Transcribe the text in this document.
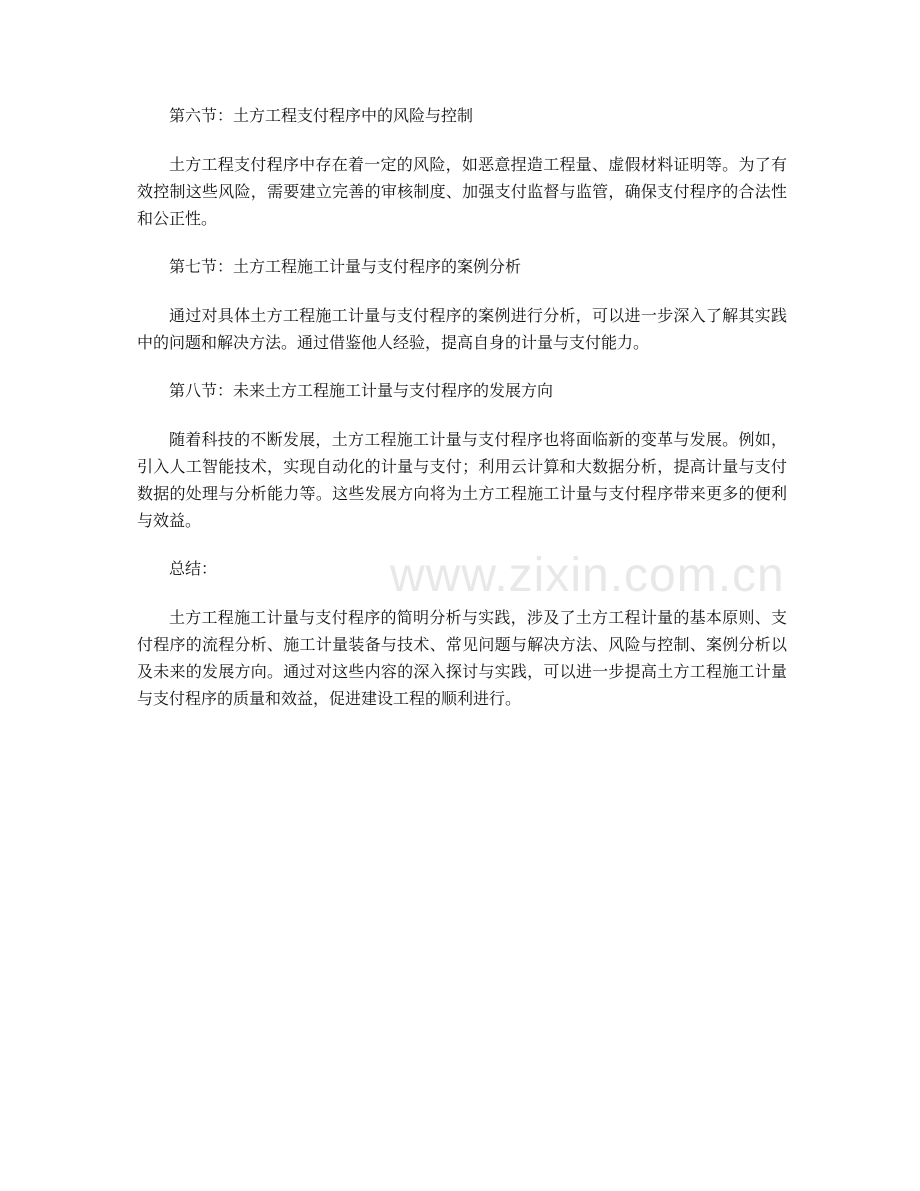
第六节：土方工程支付程序中的风险与控制

土方工程支付程序中存在着一定的风险，如恶意捏造工程量、虚假材料证明等。为了有效控制这些风险，需要建立完善的审核制度、加强支付监督与监管，确保支付程序的合法性和公正性。

第七节：土方工程施工计量与支付程序的案例分析

通过对具体土方工程施工计量与支付程序的案例进行分析，可以进一步深入了解其实践中的问题和解决方法。通过借鉴他人经验，提高自身的计量与支付能力。

第八节：未来土方工程施工计量与支付程序的发展方向

随着科技的不断发展，土方工程施工计量与支付程序也将面临新的变革与发展。例如，引入人工智能技术，实现自动化的计量与支付；利用云计算和大数据分析，提高计量与支付数据的处理与分析能力等。这些发展方向将为土方工程施工计量与支付程序带来更多的便利与效益。

总结：

土方工程施工计量与支付程序的简明分析与实践，涉及了土方工程计量的基本原则、支付程序的流程分析、施工计量装备与技术、常见问题与解决方法、风险与控制、案例分析以及未来的发展方向。通过对这些内容的深入探讨与实践，可以进一步提高土方工程施工计量与支付程序的质量和效益，促进建设工程的顺利进行。

www.zixin.com.cn
